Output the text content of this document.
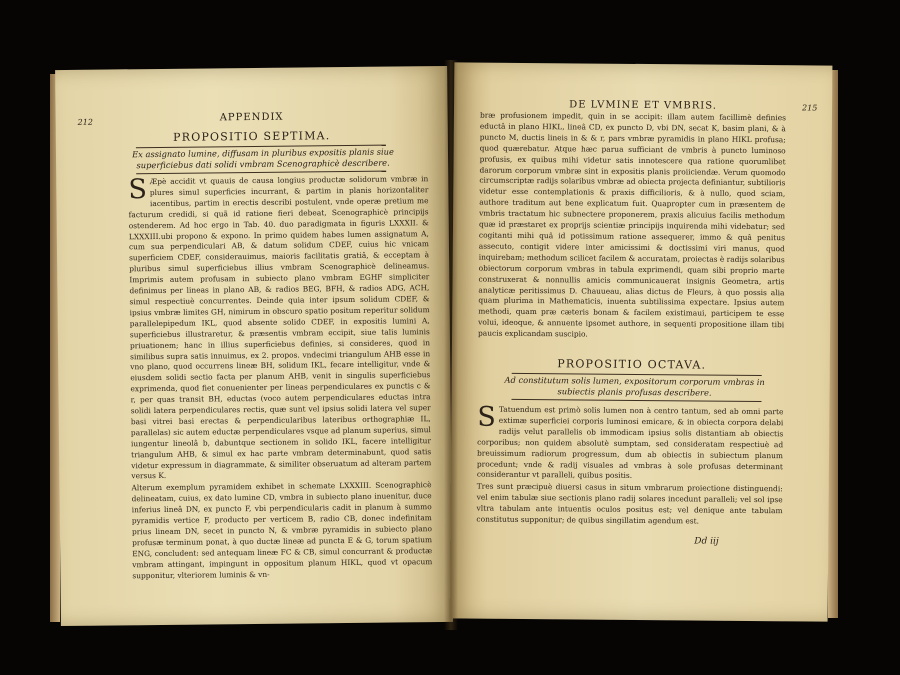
212	APPENDIX
PROPOSITIO SEPTIMA.
Ex assignato lumine, diffusam in pluribus expositis planis siue superficiebus dati solidi vmbram Scenographicè describere.
S Æpè accidit vt quauis de causa longius productæ solidorum vmbræ in plures simul superficies incurrant, & partim in planis horizontaliter iacentibus, partim in erectis describi postulent, vnde operæ pretium me facturum credidi, si quã id ratione fieri debeat, Scenographicè principijs ostenderem. Ad hoc ergo in Tab. 40. duo paradigmata in figuris LXXXII. & LXXXIII.ubi propono & expono. In primo quidem habes lumen assignatum A, cum sua perpendiculari AB, & datum solidum CDEF, cuius hic vnicam superficiem CDEF, considerauimus, maioris facilitatis gratiâ, & ecceptam à pluribus simul superficiebus illius vmbram Scenographicè delineamus. Imprimis autem profusam in subiecto plano vmbram EGHF simpliciter definimus per lineas in plano AB, & radios BEG, BFH, & radios ADG, ACH, simul respectiuè concurrentes. Deinde quia inter ipsum solidum CDEF, & ipsius vmbræ limites GH, nimirum in obscuro spatio positum reperitur solidum parallelepipedum IKL, quod absente solido CDEF, in expositis lumini A, superficiebus illustraretur, & præsentis vmbram eccipit, siue talis luminis priuationem; hanc in illius superficiebus definies, si consideres, quod in similibus supra satis innuimus, ex 2. propos. vndecimi triangulum AHB esse in vno plano, quod occurrens lineæ BH, solidum IKL, fecare intelligitur, vnde & eiusdem solidi sectio facta per planum AHB, venit in singulis superficiebus exprimenda, quod fiet conuenienter per lineas perpendiculares ex punctis c & r, per quas transit BH, eductas (voco autem perpendiculares eductas intra solidi latera perpendiculares rectis, quæ sunt vel ipsius solidi latera vel super basi vitrei basi erectas & perpendicularibus lateribus orthographiæ IL, parallelas) sic autem eductæ perpendiculares vsque ad planum superius, simul iungentur lineolâ b, dabuntque sectionem in solido IKL, facere intelligitur triangulum AHB, & simul ex hac parte vmbram determinabunt, quod satis videtur expressum in diagrammate, & similiter obseruatum ad alteram partem versus K.

Alterum exemplum pyramidem exhibet in schemate LXXXIII. Scenographicè delineatam, cuius, ex dato lumine CD, vmbra in subiecto plano inuenitur, duce inferius lineâ DN, ex puncto F, vbi perpendicularis cadit in planum à summo pyramidis vertice F, producto per verticem B, radio CB, donec indefinitam prius lineam DN, secet in puncto N, & vmbræ pyramidis in subiecto plano profusæ terminum ponat, à quo ductæ lineæ ad puncta E & G, torum spatium ENG, concludent: sed antequam lineæ FC & CB, simul concurrant & productæ vmbram attingant, impingunt in oppositum planum HIKL, quod vt opacum supponitur, vlteriorem luminis & vn-

DE LVMINE ET VMBRIS.	215
bræ profusionem impedit, quin in se accipit: illam autem facillimè definies eductâ in plano HIKL, lineâ CD, ex puncto D, vbi DN, secat K, basim plani, & à puncto M, ductis lineis in & & r, pars vmbræ pyramidis in plano HIKL profusa; quod quærebatur. Atque hæc parua sufficiant de vmbris à puncto luminoso profusis, ex quibus mihi videtur satis innotescere qua ratione quorumlibet darorum corporum vmbræ sint in expositis planis proiiciendæ. Verum quomodo circumscriptæ radijs solaribus vmbræ ad obiecta projecta definiantur, subtilioris videtur esse contemplationis & praxis difficilioris, & à nullo, quod sciam, authore traditum aut bene explicatum fuit. Quapropter cum in præsentem de vmbris tractatum hic subnectere proponerem, praxis alicuius facilis methodum quæ id præstaret ex proprijs scientiæ principijs inquirenda mihi videbatur; sed cogitanti mihi quâ id potissimum ratione assequerer, immo & quâ penitus assecuto, contigit videre inter amicissimi & doctissimi viri manus, quod inquirebam; methodum scilicet facilem & accuratam, proiectas è radijs solaribus obiectorum corporum vmbras in tabula exprimendi, quam sibi proprio marte construxerat & nonnullis amicis communicauerat insignis Geometra, artis analyticæ peritissimus D. Chauueau, alias dictus de Fleurs, à quo possis alia quam plurima in Mathematicis, inuenta subtilissima expectare. Ipsius autem methodi, quam præ cæteris bonam & facilem existimaui, participem te esse volui, ideoque, & annuente ipsomet authore, in sequenti propositione illam tibi paucis explicandam suscipio.
PROPOSITIO OCTAVA.
Ad constitutum solis lumen, expositorum corporum vmbras in subiectis planis profusas describere.
S Tatuendum est primò solis lumen non à centro tantum, sed ab omni parte extimæ superficiei corporis luminosi emicare, & in obiecta corpora delabi radijs velut parallelis ob immodicam ipsius solis distantiam ab obiectis corporibus; non quidem absolutè sumptam, sed consideratam respectiuè ad breuissimum radiorum progressum, dum ab obiectis in subiectum planum procedunt; vnde & radij visuales ad vmbras à sole profusas determinant considerantur vt paralleli, quibus positis.

Tres sunt præcipuè diuersi casus in situm vmbrarum proiectione distinguendi: vel enim tabulæ siue sectionis plano radij solares incedunt paralleli; vel sol ipse vltra tabulam ante intuentis oculos positus est; vel denique ante tabulam constitutus supponitur; de quibus singillatim agendum est.

Dd iij
